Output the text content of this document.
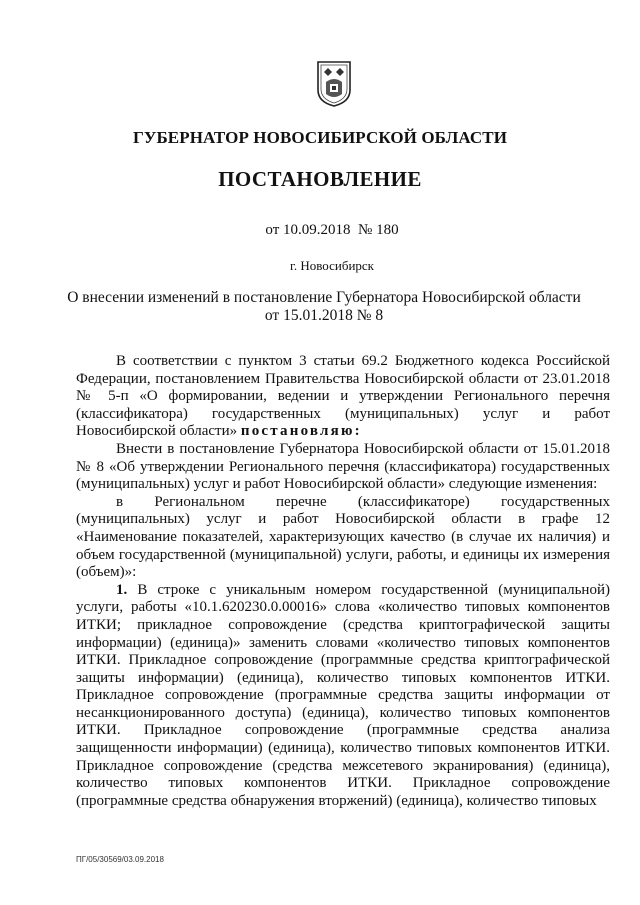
ГУБЕРНАТОР НОВОСИБИРСКОЙ ОБЛАСТИ
ПОСТАНОВЛЕНИЕ
от 10.09.2018  № 180
г. Новосибирск
О внесении изменений в постановление Губернатора Новосибирской области
от 15.01.2018 № 8

В соответствии с пунктом 3 статьи 69.2 Бюджетного кодекса Российской Федерации, постановлением Правительства Новосибирской области от 23.01.2018 № 5-п «О формировании, ведении и утверждении Регионального перечня (классификатора) государственных (муниципальных) услуг и работ Новосибирской области» постановляю:

Внести в постановление Губернатора Новосибирской области от 15.01.2018 № 8 «Об утверждении Регионального перечня (классификатора) государственных (муниципальных) услуг и работ Новосибирской области» следующие изменения:

в Региональном перечне (классификаторе) государственных (муниципальных) услуг и работ Новосибирской области в графе 12 «Наименование показателей, характеризующих качество (в случае их наличия) и объем государственной (муниципальной) услуги, работы, и единицы их измерения (объем)»:

1. В строке с уникальным номером государственной (муниципальной) услуги, работы «10.1.620230.0.00016» слова «количество типовых компонентов ИТКИ; прикладное сопровождение (средства криптографической защиты информации) (единица)» заменить словами «количество типовых компонентов ИТКИ. Прикладное сопровождение (программные средства криптографической защиты информации) (единица), количество типовых компонентов ИТКИ. Прикладное сопровождение (программные средства защиты информации от несанкционированного доступа) (единица), количество типовых компонентов ИТКИ. Прикладное сопровождение (программные средства анализа защищенности информации) (единица), количество типовых компонентов ИТКИ. Прикладное сопровождение (средства межсетевого экранирования) (единица), количество типовых компонентов ИТКИ. Прикладное сопровождение (программные средства обнаружения вторжений) (единица), количество типовых

ПГ/05/30569/03.09.2018
